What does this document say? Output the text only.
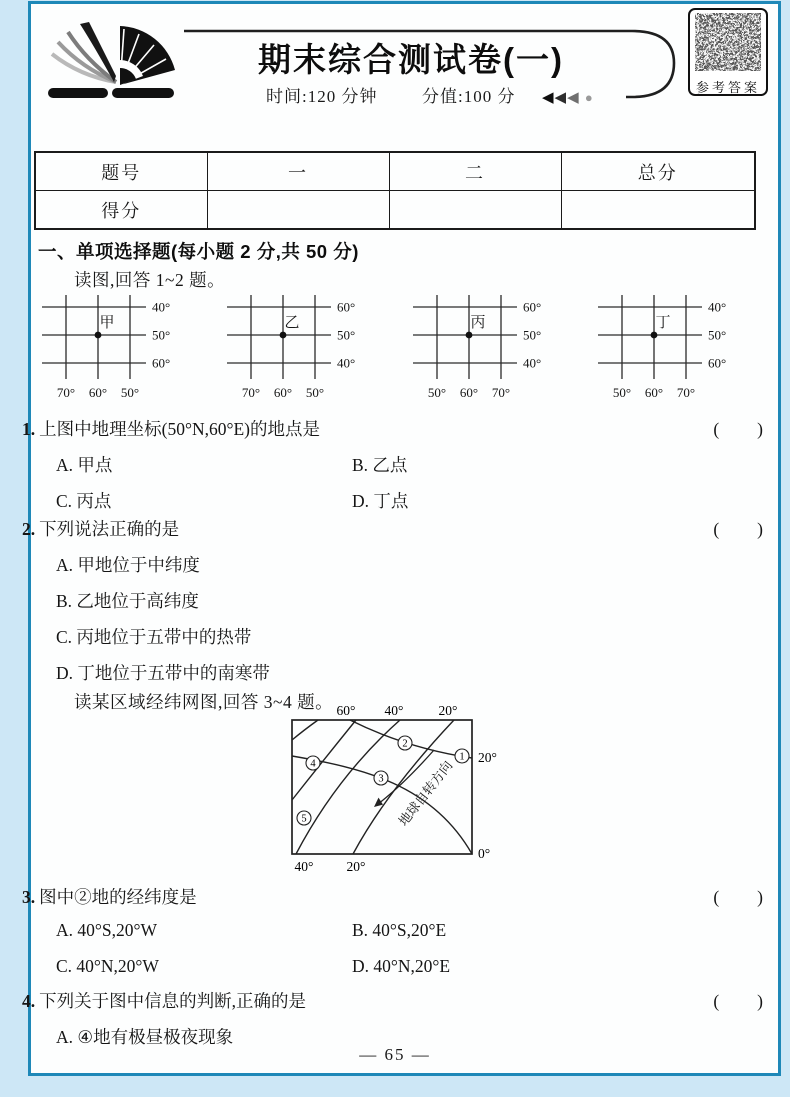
期末综合测试卷(一)
时间:120 分钟	分值:100 分 ◀◀◀ ●
参考答案
题号	一	二	总分
得分			
一、单项选择题(每小题 2 分,共 50 分)
读图,回答 1~2 题。
40°
50°
60°
70° 60° 50°
甲
60°
50°
40°
70° 60° 50°
乙
60°
50°
40°
50° 60° 70°
丙
40°
50°
60°
50° 60° 70°
丁
1. 上图中地理坐标(50°N,60°E)的地点是	(　　)
2. 下列说法正确的是	(　　)
3. 图中②地的经纬度是	(　　)
4. 下列关于图中信息的判断,正确的是	(　　)
读某区域经纬网图,回答 3~4 题。
地球自转方向
1
2
3
4
5
60° 40°	20°
20°
0°
40° 20°
— 65 —
A. 甲点	B. 乙点
C. 丙点	D. 丁点
A. 甲地位于中纬度
B. 乙地位于高纬度
C. 丙地位于五带中的热带
D. 丁地位于五带中的南寒带
A. 40°S,20°W	B. 40°S,20°E
C. 40°N,20°W	D. 40°N,20°E
A. ④地有极昼极夜现象
